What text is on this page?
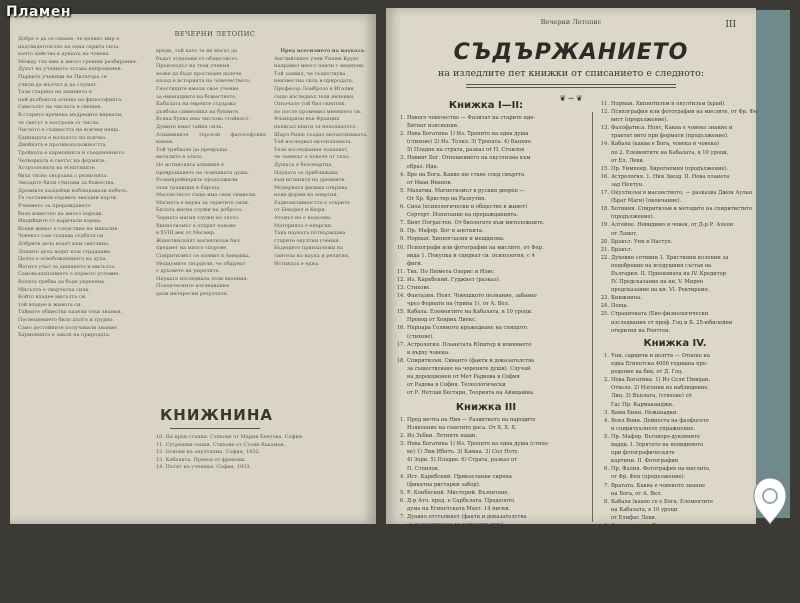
ВЕЧЕРНИ ЛЕТОПИС

Добре е да се схване, че целият мир е

надсвидетелство на една скрита сила,

която действа в душата на човека.

Между тях има и много грешни разбирания.

Духът на учението остава непроменен.

Първите ученици на Питагора се

учили да мълчат и да слушат.

Тази старина на знанието е

най-дълбоката основа на философията.

Смисълът на числата е свещен.

В старите времена мъдреците вярвали,

че светът е построен от числа.

Числото е същността на всички неща.

Единицата е началото на всичко.

Двойката е противоположността.

Тройката е хармонията и съединението.

Четворката е светът на формите.

Астрологията на египтяните

била тясно свързана с религията.

Звездите били считани за божества.

Древните халдейци наблюдавали небето.

Те съставили първите звездни карти.

Учението за прераждането

било известно на много народи.

Индийците го наричали карма.

Всеки живот е следствие на миналия.

Човекът сам създава съдбата си.

Добрите дела водят към светлина.

Лошите дела водят към страдание.

Целта е освобождението на духа.

Йогите учат за дишането и мисълта.

Самовъзпитанието е първото условие.

Волята трябва да бъде укрепена.

Мисълта е творческа сила.

Който владее мисълта си,

той владее и живота си.

Тайните общества пазели тези знания.

Посвещението било дълго и трудно.

Само достойните получавали знание.

Хармонията е закон на природата.

вреди, тъй като те не могат да

бъдат отделени от обществото.

Произходът на тези учения

може да бъде проследен далече

назад в историята на човечеството.

Гностиците имали свое учение

за еманациите на божеството.

Кабалата на евреите съдържа

дълбока символика на буквите.

Всяка буква има числова стойност.

Думите имат тайна сила.

Алхимиците търсели философския камък.

Той трябвало да превръща

металите в злато.

Но истинската алхимия е

превръщането на човешката душа.

Розенкройцерите продължили

тази традиция в Европа.

Масонството също има свои символи.

Магията е наука за скритите сили.

Бялата магия служи на доброто.

Черната магия служи на злото.

Хипнотизмът е открит наново

в XVIII век от Месмер.

Животинският магнетизъм бил

предмет на много спорове.

Спиритизмът се появил в Америка.

Медиумите твърдели, че общуват

с духовете на умрелите.

Науката изследвала тези явления.

Психическите изследвания

дали интересни резултати.

Пред всесилието на науката.

Английският учен Уилям Крукс

направил много опити с медиуми.

Той заявил, че съществува

неизвестна сила в природата.

Професор Ломброзо в Италия

също изследвал тези явления.

Отначало той бил скептик,

но после променил мнението си.

Фламарион във Франция

написал книги за непознатото.

Шарл Рише създал метапсихиката.

Той изследвал ектоплазмата.

Тези изследвания показват,

че човекът е повече от тяло.

Душата е безсмъртна.

Науката се приближава

към истините на древните.

Модерната физика открива

нови форми на енергия.

Радиоактивността е открита

от Бекерел и Кюри.

Атомът не е неделим.

Материята е енергия.

Така науката потвърждава

старите окултни учения.

Бъдещето принадлежи на

синтеза на наука и религия.

Истината е една.

КНИЖНИНА

10. На кръв стъпки. Стихове от Мария Бентова. София.

11. Сутрешни сенки. Стихове от Стоян Вакамов.

12. Основи на окултизма. София, 1932.

13. Кабалата. Превод от френски.

14. Пътят на ученика. София, 1933.

Вечерни Летопис	III
СЪДЪРЖАНИЕТО
на изледлите пет книжки от списанието е следното:
❦ ─ ❦
Книжка I—II:
1. Нового човечество — Фалитат на старите иде-
Бягнат изяснения.
2. Нова Богатина 1) Из. Тропите на една душа
(стихове) 2) Из. Толко. 3) Тропата. 4) Вапхно.
5) Пладне на страта, разказ от П. Стоилов
3. Новият Бог. Отношението на окултизма към
образ. Ида.
4. Бре на Бога. Какво ще стане след смъртта
от Иван Иванов.
5. Махатма. Магнетизмът в руския дворец —
От Хр. Кристер на Разпутин.
6. Сила (психологически и общество в живот)
Сертерт. Изпитание на преражданията.
7. Бият Пограстен. От биологите към митоложните.
8. Пр. Мафор. Бог и ацеткита.
9. Норман. Хипноглазия и мешдизма.
10. Психографи или фотографии на мислите, от Фер.
вида 1. Покупка и сциднат си. психология, с 4
фиги.
11. Тих. По Пюмета Озорис и Изис.
12. Из. Каркбский. Гуджнет (разказ).
13. Стихове.
14. Фантазия. Ноят. Човешкото познание, забавно
чрез Форвати на (трина 1), от А. Вел.
15. Кабала. Елементите на Кабалата, в 10 уроци.
Превод от Хенрих Лиекс.
16. Нерпара Голямото кражедване на спящото
(стихове).
17. Астрология. Планетата Юпитер и влиянието
и върху човека.
18. Спиритизъм. Сиванто (факти и доказателства
за съществуване на чорените души). Случай
на дорекционен от Мет Радиова в София
от Радова в София. Телеологически
от Р. Нетлав Бестарн, Теорията на Айнщайна.
Книжка III
1. Пред мечта на Ния — Развитието на народите
Изявление на съветите раса. От Х. Х. Х.
2. Из Зъбки. Летните наши.
3. Нова Богатина 1) Из. Тропите на една душа (стихо-
ве) 1) Лин Ибнтъ. 3) Камна. 3) Сол Ноту.
4) Зори. 5) Пладне. 6) Страта, разказ от
П. Стоилов.
4. Ист. Каркбский. Прикоелание сирена
(фикатна ристарки забор).
5. Р. Конбоский. Мистерий. Възпитане.
6. Д-р Атл. пред. е Сарбелата. Пределото
дума на Египетската Махт. 14 ниски.
7. Дуавно отстъпкиет (факти и доказателства
за съществуване на чоренети душ).
8. Мистикарии. Магнетизмът в руския дворец
(продължение).
9. Пр. Мафор. Включване на свитте.
11. Норман. Хипнотизъм и окултизъм (край).
12. Психография или фотографии на мислите, от Фр. Фе-
вист (продължение).
13. Фалофатиса. Ноят, Каква е човеко знание и
трактат вито при формати (продължение).
14. Кабала (каква е Бога, човека и човека)
по 2. Елементите на Кабалата, в 10 уроци,
от Ел. Леви.
15. Пр. Уимпеер. Хирогномия (продължение).
16. Астрология. 1. Ния Звезд. II. Нова планета
зад Нептун.
17. Окултизъм в масонството, — разказва Джон Аулан
(Брат Маги) (окончание).
18. Ботиния. Спиритизъм и методите на спиритистите
(продължение).
19. Алгейне. Невидимо и човек, от Д-р Р. Алеон
от Ламот.
20. Бракът. Уни в Наступ.
21. Бракът.
22. Духовни сетивни 1. Християни колонии за
подобрение на вседушния състав на
България. II. Прионяната на IV. Кредитор
IV. Предсказание на кн. V. Мирен
предсказание на кн. VI. Ректираме.
23. Книжнина.
24. Поща.
25. Страничката (Био-физиологически
изследвания от проф. Гоц и Б. 25-юбилейни
открития на Рентген.
Книжка IV.
1. Уни, сарцичн и иолгтв — Отнене на
една Египетска 4000 годишна пре-
родение на бив, от Д. Гоц.
2. Нова Богатина. 1) Из Селн Пмидан.
Отвело. 2) Изгенки из наблюдение.
Лиц. 3) Въплата, (стихове) от
Гас Пр. Кармаканджи.
3. Вами Бини. Нежанадки.
4. Воял Воин. Дейноста на фалфосете
и спиритуалното упражнение.
5. Пр. Мафор. Въговоро-дуковните
вадци. I. Зорятото на невидимото
при фотографическите
картини. II. Фотографии
6. Пр. Фалия. Фотография на мислите,
от Фр. Фен (продължение).
7. Вратата. Каква е човекото знание
на Бога, от А. Вел.
8. Кабала (какво се е Бога. Елементите
на Кабалата, в 10 уроци
от Елифас Леви.
9. Отражения на Бесоте.
10. Ароиа.
11. А. Проаутер. Авицейницият
принцип на реалността.
12. Спиритизъм и методите на спири-
тистите, от Д-р Р. Алеон
13. Духовни сетивни. I. Катастрофите
и сунодални пр. II. Сагрика.
14. разказ на Мист. 1. Изстим
15. разкази на 2. Мачи на числата.
Пламен
